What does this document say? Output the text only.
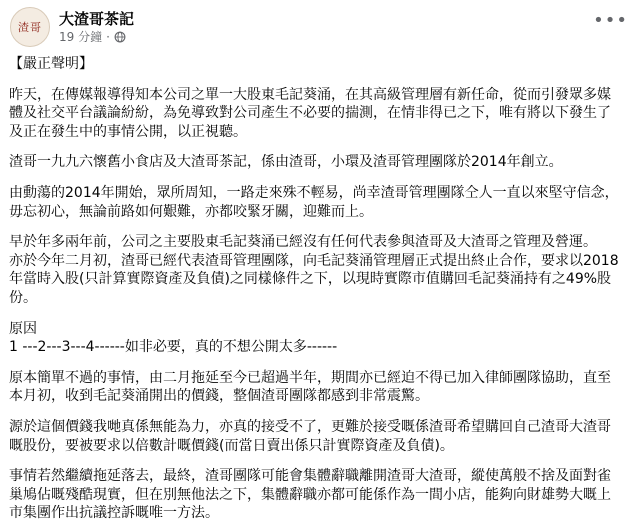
渣哥	大渣哥茶記
19 分鐘 ·
•••

【嚴正聲明】

昨天，在傳媒報導得知本公司之單一大股東毛記葵涌，在其高級管理層有新任命，從而引發眾多媒

體及社交平台議論紛紛，為免導致對公司產生不必要的揣測，在情非得已之下，唯有將以下發生了

及正在發生中的事情公開，以正視聽。

渣哥一九九六懷舊小食店及大渣哥茶記，係由渣哥，小環及渣哥管理團隊於2014年創立。

由動蕩的2014年開始，眾所周知，一路走來殊不輕易，尚幸渣哥管理團隊仝人一直以來堅守信念，

毋忘初心，無論前路如何艱難，亦都咬緊牙關，迎難而上。

早於年多兩年前，公司之主要股東毛記葵涌已經沒有任何代表參與渣哥及大渣哥之管理及營運。

亦於今年二月初，渣哥已經代表渣哥管理團隊，向毛記葵涌管理層正式提出終止合作，要求以2018

年當時入股(只計算實際資產及負債)之同樣條件之下，以現時實際市值購回毛記葵涌持有之49%股

份。

原因

1 ---2---3---4------如非必要，真的不想公開太多------

原本簡單不過的事情，由二月拖延至今已超過半年，期間亦已經迫不得已加入律師團隊協助，直至

本月初，收到毛記葵涌開出的價錢，整個渣哥團隊都感到非常震驚。

源於這個價錢我哋真係無能為力，亦真的接受不了，更難於接受嘅係渣哥希望購回自己渣哥大渣哥

嘅股份，要被要求以倍數計嘅價錢(而當日賣出係只計實際資產及負債)。

事情若然繼續拖延落去，最終，渣哥團隊可能會集體辭職離開渣哥大渣哥，縱使萬般不捨及面對雀

巢鳩佔嘅殘酷現實，但在別無他法之下，集體辭職亦都可能係作為一間小店，能夠向財雄勢大嘅上

市集團作出抗議控訴嘅唯一方法。
